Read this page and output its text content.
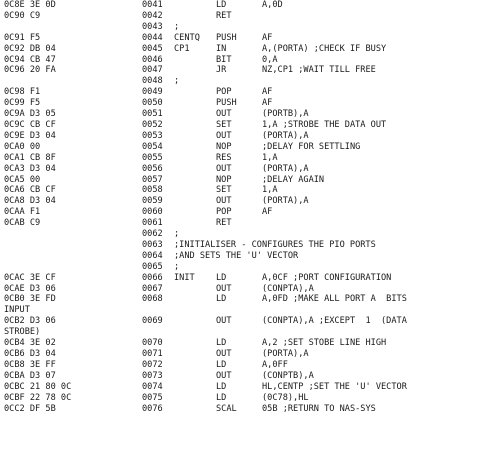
0C8E 3E 0D	0041	LD	A,0D
0C90 C9	0042	RET
0043 ;
0C91 F5	0044 CENTQ PUSH	AF
0C92 DB 04	0045 CP1	IN	A,(PORTA) ;CHECK IF BUSY
0C94 CB 47	0046	BIT	0,A
0C96 20 FA	0047	JR	NZ,CP1 ;WAIT TILL FREE
0048 ;
0C98 F1	0049	POP	AF
0C99 F5	0050	PUSH	AF
0C9A D3 05	0051	OUT	(PORTB),A
0C9C CB CF	0052	SET	1,A ;STROBE THE DATA OUT
0C9E D3 04	0053	OUT	(PORTA),A
0CA0 00	0054	NOP	;DELAY FOR SETTLING
0CA1 CB 8F	0055	RES	1,A
0CA3 D3 04	0056	OUT	(PORTA),A
0CA5 00	0057	NOP	;DELAY AGAIN
0CA6 CB CF	0058	SET	1,A
0CA8 D3 04	0059	OUT	(PORTA),A
0CAA F1	0060	POP	AF
0CAB C9	0061	RET
0062 ;
0063 ;INITIALISER - CONFIGURES THE PIO PORTS
0064 ;AND SETS THE 'U' VECTOR
0065 ;
0CAC 3E CF	0066 INIT LD	A,0CF ;PORT CONFIGURATION
0CAE D3 06	0067	OUT	(CONPTA),A
0CB0 3E FD	0068	LD	A,0FD ;MAKE ALL PORT A  BITS
INPUT
0CB2 D3 06	0069	OUT	(CONPTA),A ;EXCEPT  1  (DATA
STROBE)
0CB4 3E 02	0070	LD	A,2 ;SET STOBE LINE HIGH
0CB6 D3 04	0071	OUT	(PORTA),A
0CB8 3E FF	0072	LD	A,0FF
0CBA D3 07	0073	OUT	(CONPTB),A
0CBC 21 80 0C	0074	LD	HL,CENTP ;SET THE 'U' VECTOR
0CBF 22 78 0C	0075	LD	(0C78),HL
0CC2 DF 5B	0076	SCAL	05B ;RETURN TO NAS-SYS
